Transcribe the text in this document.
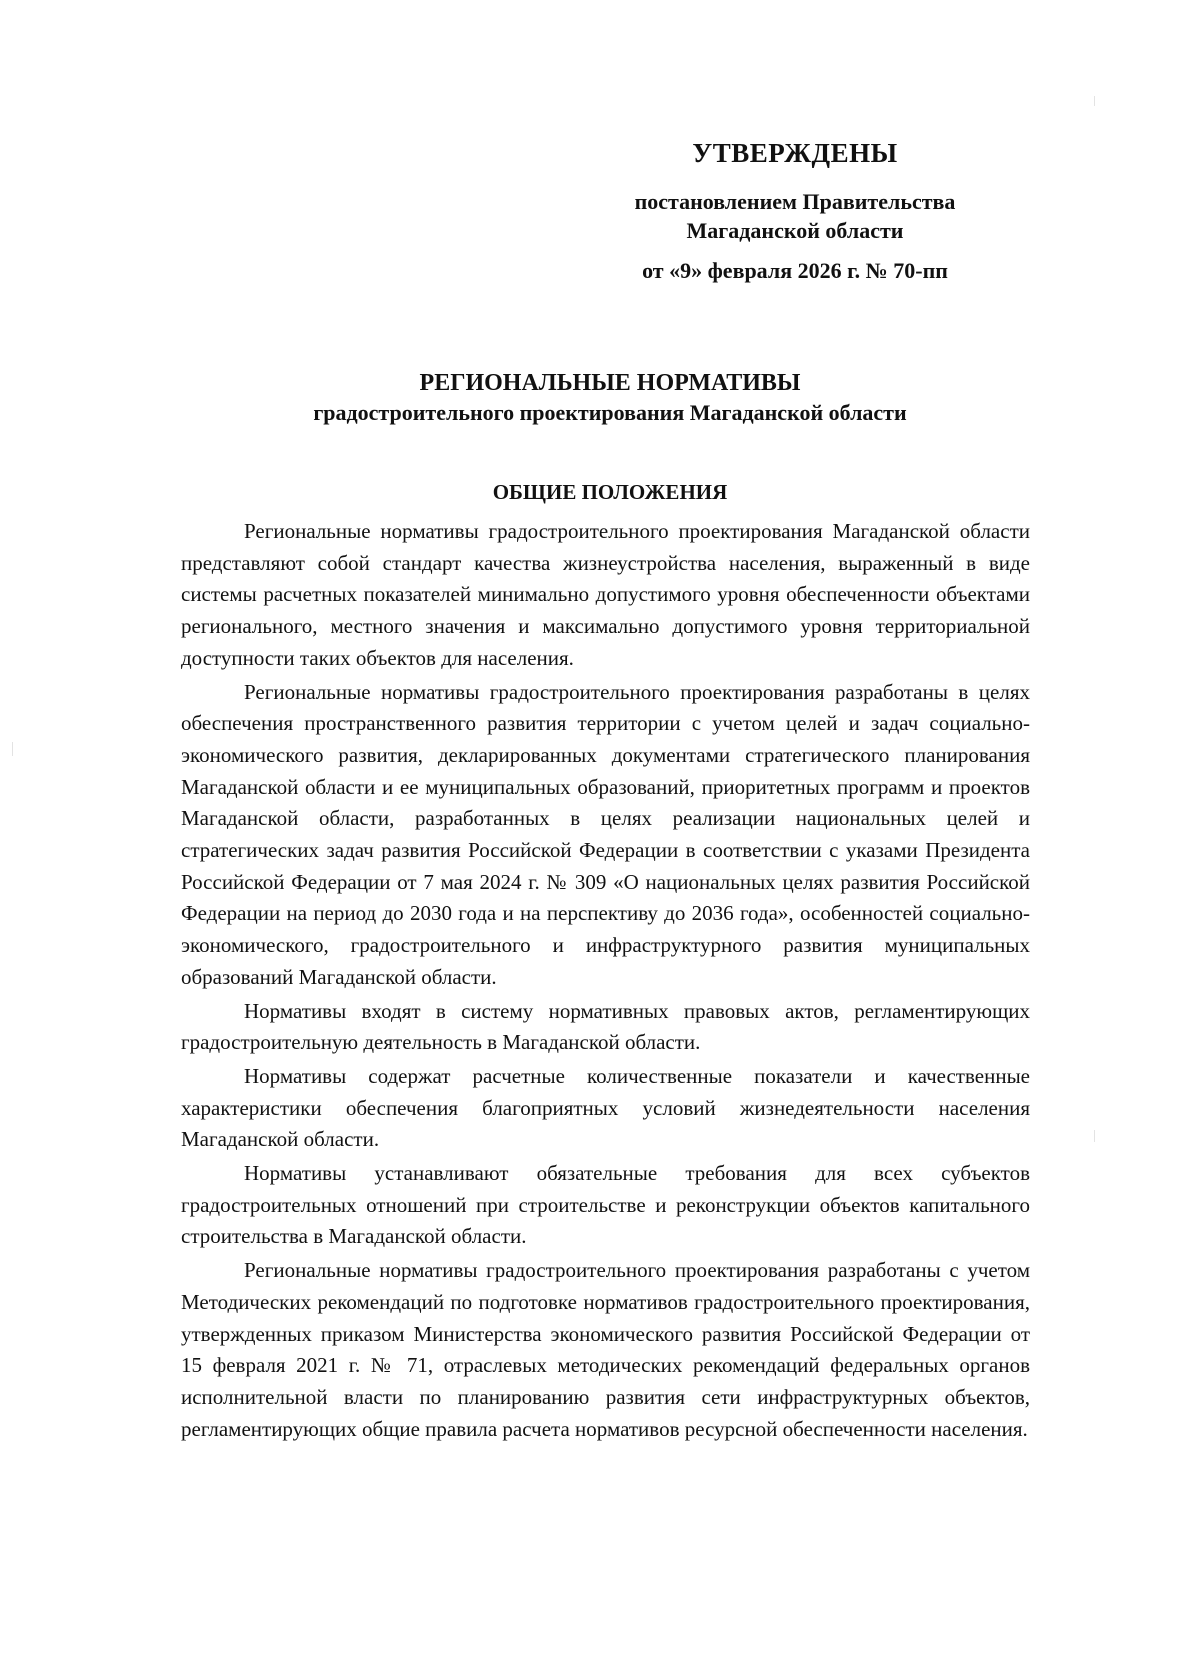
УТВЕРЖДЕНЫ
постановлением Правительства
Магаданской области
от «9» февраля 2026 г. № 70-пп
РЕГИОНАЛЬНЫЕ НОРМАТИВЫ
градостроительного проектирования Магаданской области
ОБЩИЕ ПОЛОЖЕНИЯ

Региональные нормативы градостроительного проектирования Магаданской области представляют собой стандарт качества жизнеустройства населения, выраженный в виде системы расчетных показателей минимально допустимого уровня обеспеченности объектами регионального, местного значения и максимально допустимого уровня территориальной доступности таких объектов для населения.

Региональные нормативы градостроительного проектирования разработаны в целях обеспечения пространственного развития территории с учетом целей и задач социально-экономического развития, декларированных документами стратегического планирования Магаданской области и ее муниципальных образований, приоритетных программ и проектов Магаданской области, разработанных в целях реализации национальных целей и стратегических задач развития Российской Федерации в соответствии с указами Президента Российской Федерации от 7 мая 2024 г. № 309 «О национальных целях развития Российской Федерации на период до 2030 года и на перспективу до 2036 года», особенностей социально-экономического, градостроительного и инфраструктурного развития муниципальных образований Магаданской области.

Нормативы входят в систему нормативных правовых актов, регламентирующих градостроительную деятельность в Магаданской области.

Нормативы содержат расчетные количественные показатели и качественные характеристики обеспечения благоприятных условий жизнедеятельности населения Магаданской области.

Нормативы устанавливают обязательные требования для всех субъектов градостроительных отношений при строительстве и реконструкции объектов капитального строительства в Магаданской области.

Региональные нормативы градостроительного проектирования разработаны с учетом Методических рекомендаций по подготовке нормативов градостроительного проектирования, утвержденных приказом Министерства экономического развития Российской Федерации от 15 февраля 2021 г. № 71, отраслевых методических рекомендаций федеральных органов исполнительной власти по планированию развития сети инфраструктурных объектов, регламентирующих общие правила расчета нормативов ресурсной обеспеченности населения.
